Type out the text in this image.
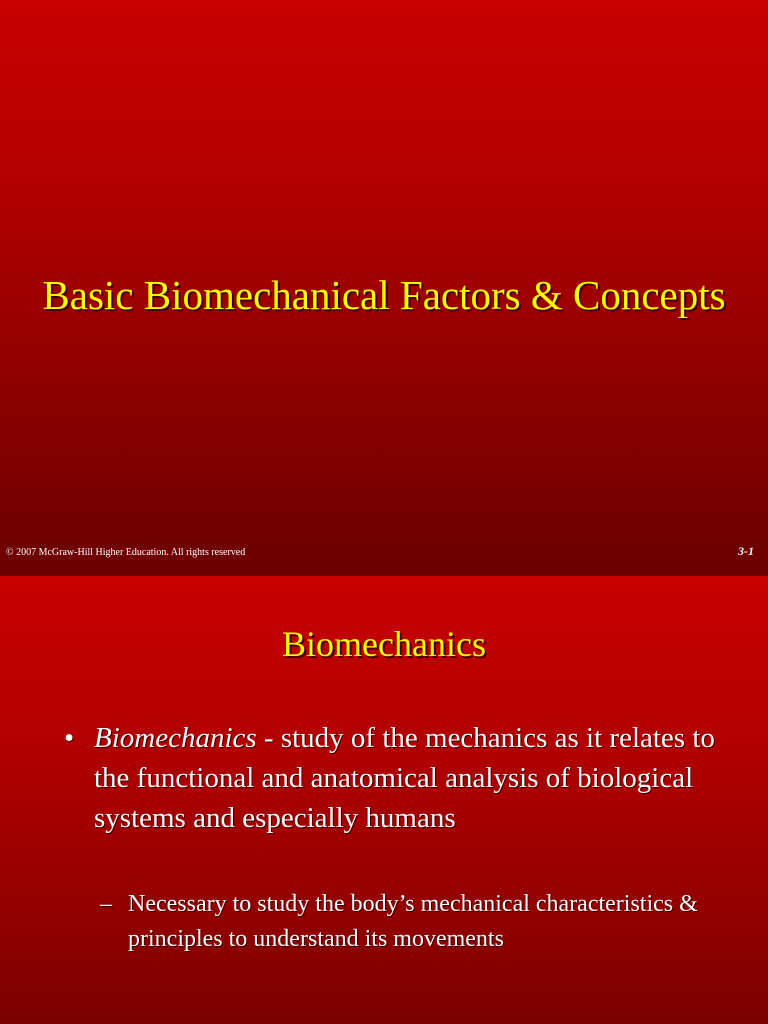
Basic Biomechanical Factors & Concepts
© 2007 McGraw-Hill Higher Education. All rights reserved	3-1
Biomechanics
• Biomechanics - study of the mechanics as it relates to the functional and anatomical analysis of biological systems and especially humans
– Necessary to study the body’s mechanical characteristics & principles to understand its movements
